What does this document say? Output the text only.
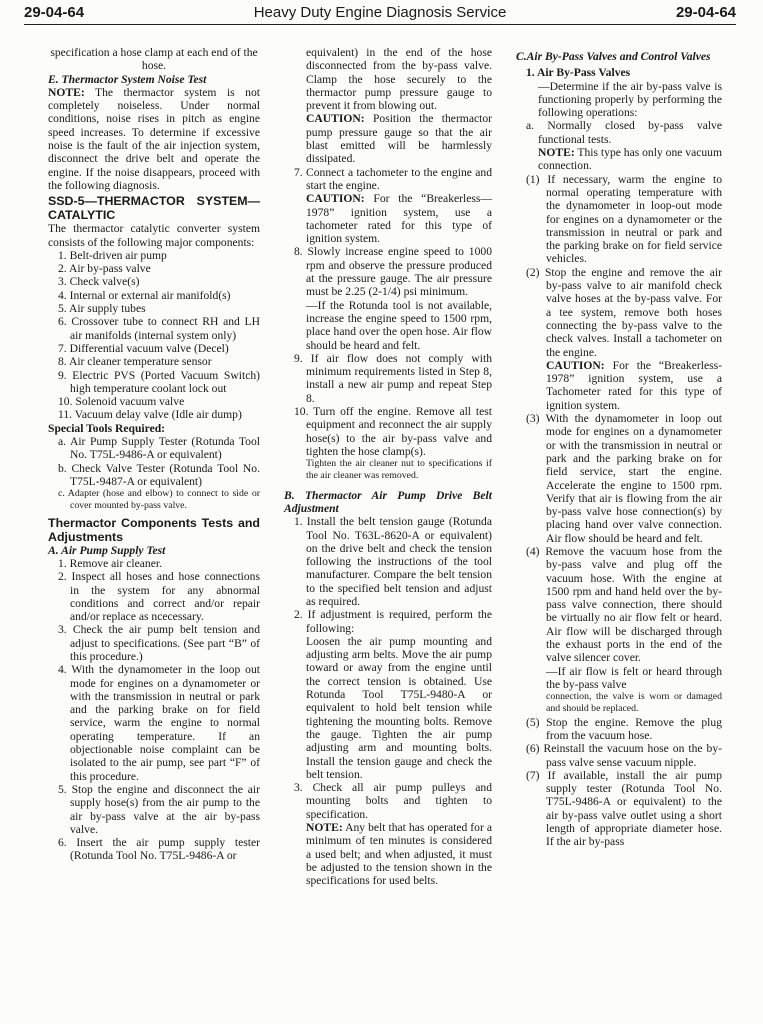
29-04-64	Heavy Duty Engine Diagnosis Service	29-04-64

specification a hose clamp at each end of the hose.

E. Thermactor System Noise Test

NOTE: The thermactor system is not completely noiseless. Under normal conditions, noise rises in pitch as engine speed increases. To determine if excessive noise is the fault of the air injection system, disconnect the drive belt and operate the engine. If the noise disappears, proceed with the following diagnosis.

SSD-5—THERMACTOR SYSTEM—CATALYTIC

The thermactor catalytic converter system consists of the following major components:

1. Belt-driven air pump

2. Air by-pass valve

3. Check valve(s)

4. Internal or external air manifold(s)

5. Air supply tubes

6. Crossover tube to connect RH and LH air manifolds (internal system only)

7. Differential vacuum valve (Decel)

8. Air cleaner temperature sensor

9. Electric PVS (Ported Vacuum Switch) high temperature coolant lock out

10. Solenoid vacuum valve

11. Vacuum delay valve (Idle air dump)

Special Tools Required:

a. Air Pump Supply Tester (Rotunda Tool No. T75L-9486-A or equivalent)

b. Check Valve Tester (Rotunda Tool No. T75L-9487-A or equivalent)

c. Adapter (hose and elbow) to connect to side or cover mounted by-pass valve.

Thermactor Components Tests and Adjustments

A. Air Pump Supply Test

1. Remove air cleaner.

2. Inspect all hoses and hose connections in the system for any abnormal conditions and correct and/or repair and/or replace as ncecessary.

3. Check the air pump belt tension and adjust to specifications. (See part “B” of this procedure.)

4. With the dynamometer in the loop out mode for engines on a dynamometer or with the transmission in neutral or park and the parking brake on for field service, warm the engine to normal operating temperature. If an objectionable noise complaint can be isolated to the air pump, see part “F” of this procedure.

5. Stop the engine and disconnect the air supply hose(s) from the air pump to the air by-pass valve at the air by-pass valve.

6. Insert the air pump supply tester (Rotunda Tool No. T75L-9486-A or

equivalent) in the end of the hose disconnected from the by-pass valve. Clamp the hose securely to the thermactor pump pressure gauge to prevent it from blowing out.

CAUTION: Position the thermactor pump pressure gauge so that the air blast emitted will be harmlessly dissipated.

7. Connect a tachometer to the engine and start the engine.

CAUTION: For the “Breakerless—1978” ignition system, use a tachometer rated for this type of ignition system.

8. Slowly increase engine speed to 1000 rpm and observe the pressure produced at the pressure gauge. The air pressure must be 2.25 (2-1/4) psi minimum.

—If the Rotunda tool is not available, increase the engine speed to 1500 rpm, place hand over the open hose. Air flow should be heard and felt.

9. If air flow does not comply with minimum requirements listed in Step 8, install a new air pump and repeat Step 8.

10. Turn off the engine. Remove all test equipment and reconnect the air supply hose(s) to the air by-pass valve and tighten the hose clamp(s).

Tighten the air cleaner nut to specifications if the air cleaner was removed.

B. Thermactor Air Pump Drive Belt Adjustment

1. Install the belt tension gauge (Rotunda Tool No. T63L-8620-A or equivalent) on the drive belt and check the tension following the instructions of the tool manufacturer. Compare the belt tension to the specified belt tension and adjust as required.

2. If adjustment is required, perform the following:

Loosen the air pump mounting and adjusting arm belts. Move the air pump toward or away from the engine until the correct tension is obtained. Use Rotunda Tool T75L-9480-A or equivalent to hold belt tension while tightening the mounting bolts. Remove the gauge. Tighten the air pump adjusting arm and mounting bolts. Install the tension gauge and check the belt tension.

3. Check all air pump pulleys and mounting bolts and tighten to specification.

NOTE: Any belt that has operated for a minimum of ten minutes is considered a used belt; and when adjusted, it must be adjusted to the tension shown in the specifications for used belts.

C.Air By-Pass Valves and Control Valves

1. Air By-Pass Valves

—Determine if the air by-pass valve is functioning properly by performing the following operations:

a. Normally closed by-pass valve functional tests.

NOTE: This type has only one vacuum connection.

(1) If necessary, warm the engine to normal operating temperature with the dynamometer in loop-out mode for engines on a dynamometer or the transmission in neutral or park and the parking brake on for field service vehicles.

(2) Stop the engine and remove the air by-pass valve to air manifold check valve hoses at the by-pass valve. For a tee system, remove both hoses connecting the by-pass valve to the check valves. Install a tachometer on the engine.

CAUTION: For the “Breakerless-1978” ignition system, use a Tachometer rated for this type of ignition system.

(3) With the dynamometer in loop out mode for engines on a dynamometer or with the transmission in neutral or park and the parking brake on for field service, start the engine. Accelerate the engine to 1500 rpm. Verify that air is flowing from the air by-pass valve hose connection(s) by placing hand over valve connection. Air flow should be heard and felt.

(4) Remove the vacuum hose from the by-pass valve and plug off the vacuum hose. With the engine at 1500 rpm and hand held over the by-pass valve connection, there should be virtually no air flow felt or heard. Air flow will be discharged through the exhaust ports in the end of the valve silencer cover.

—If air flow is felt or heard through the by-pass valve

connection, the valve is worn or damaged and should be replaced.

(5) Stop the engine. Remove the plug from the vacuum hose.

(6) Reinstall the vacuum hose on the by-pass valve sense vacuum nipple.

(7) If available, install the air pump supply tester (Rotunda Tool No. T75L-9486-A or equivalent) to the air by-pass valve outlet using a short length of appropriate diameter hose. If the air by-pass
